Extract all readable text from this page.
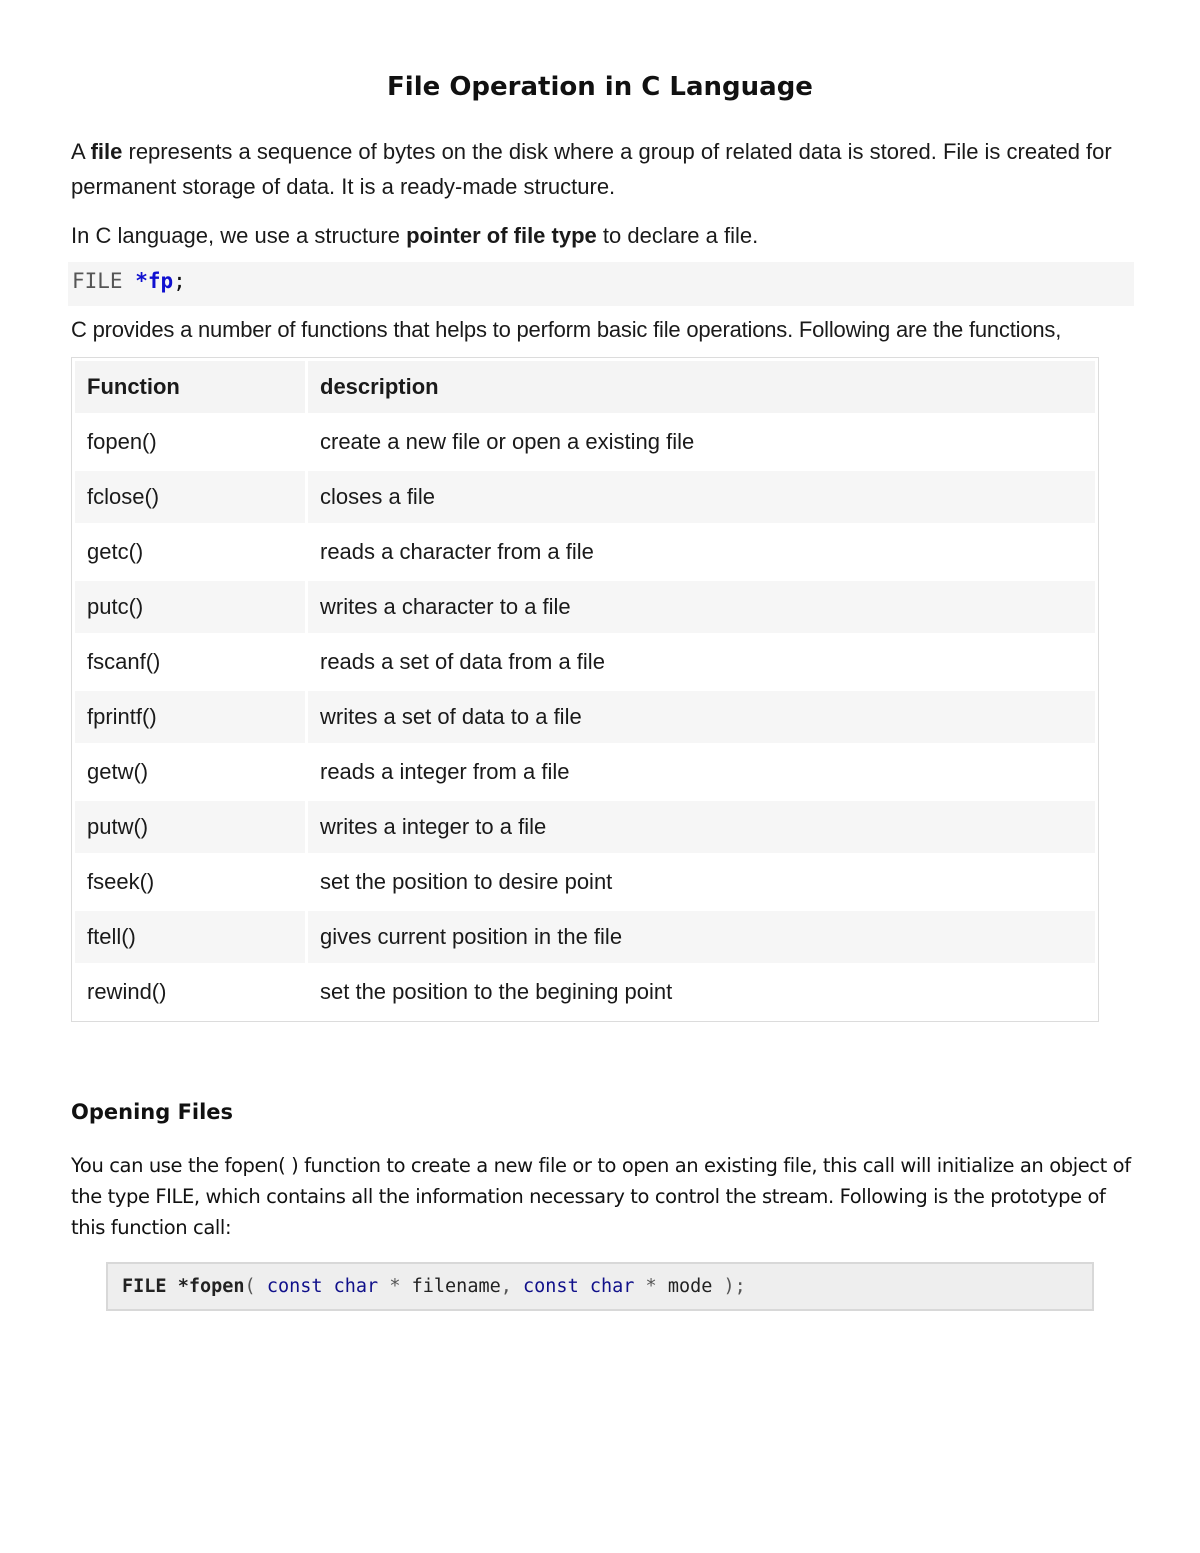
File Operation in C Language

A file represents a sequence of bytes on the disk where a group of related data is stored. File is created for permanent storage of data. It is a ready-made structure.

In C language, we use a structure pointer of file type to declare a file.

FILE *fp;

C provides a number of functions that helps to perform basic file operations. Following are the functions,

Function	description
fopen()	create a new file or open a existing file
fclose()	closes a file
getc()	reads a character from a file
putc()	writes a character to a file
fscanf()	reads a set of data from a file
fprintf()	writes a set of data to a file
getw()	reads a integer from a file
putw()	writes a integer to a file
fseek()	set the position to desire point
ftell()	gives current position in the file
rewind()	set the position to the begining point
Opening Files
You can use the fopen( ) function to create a new file or to open an existing file, this call will initialize an object of the type FILE, which contains all the information necessary to control the stream. Following is the prototype of this function call:
FILE *fopen( const char * filename, const char * mode );
